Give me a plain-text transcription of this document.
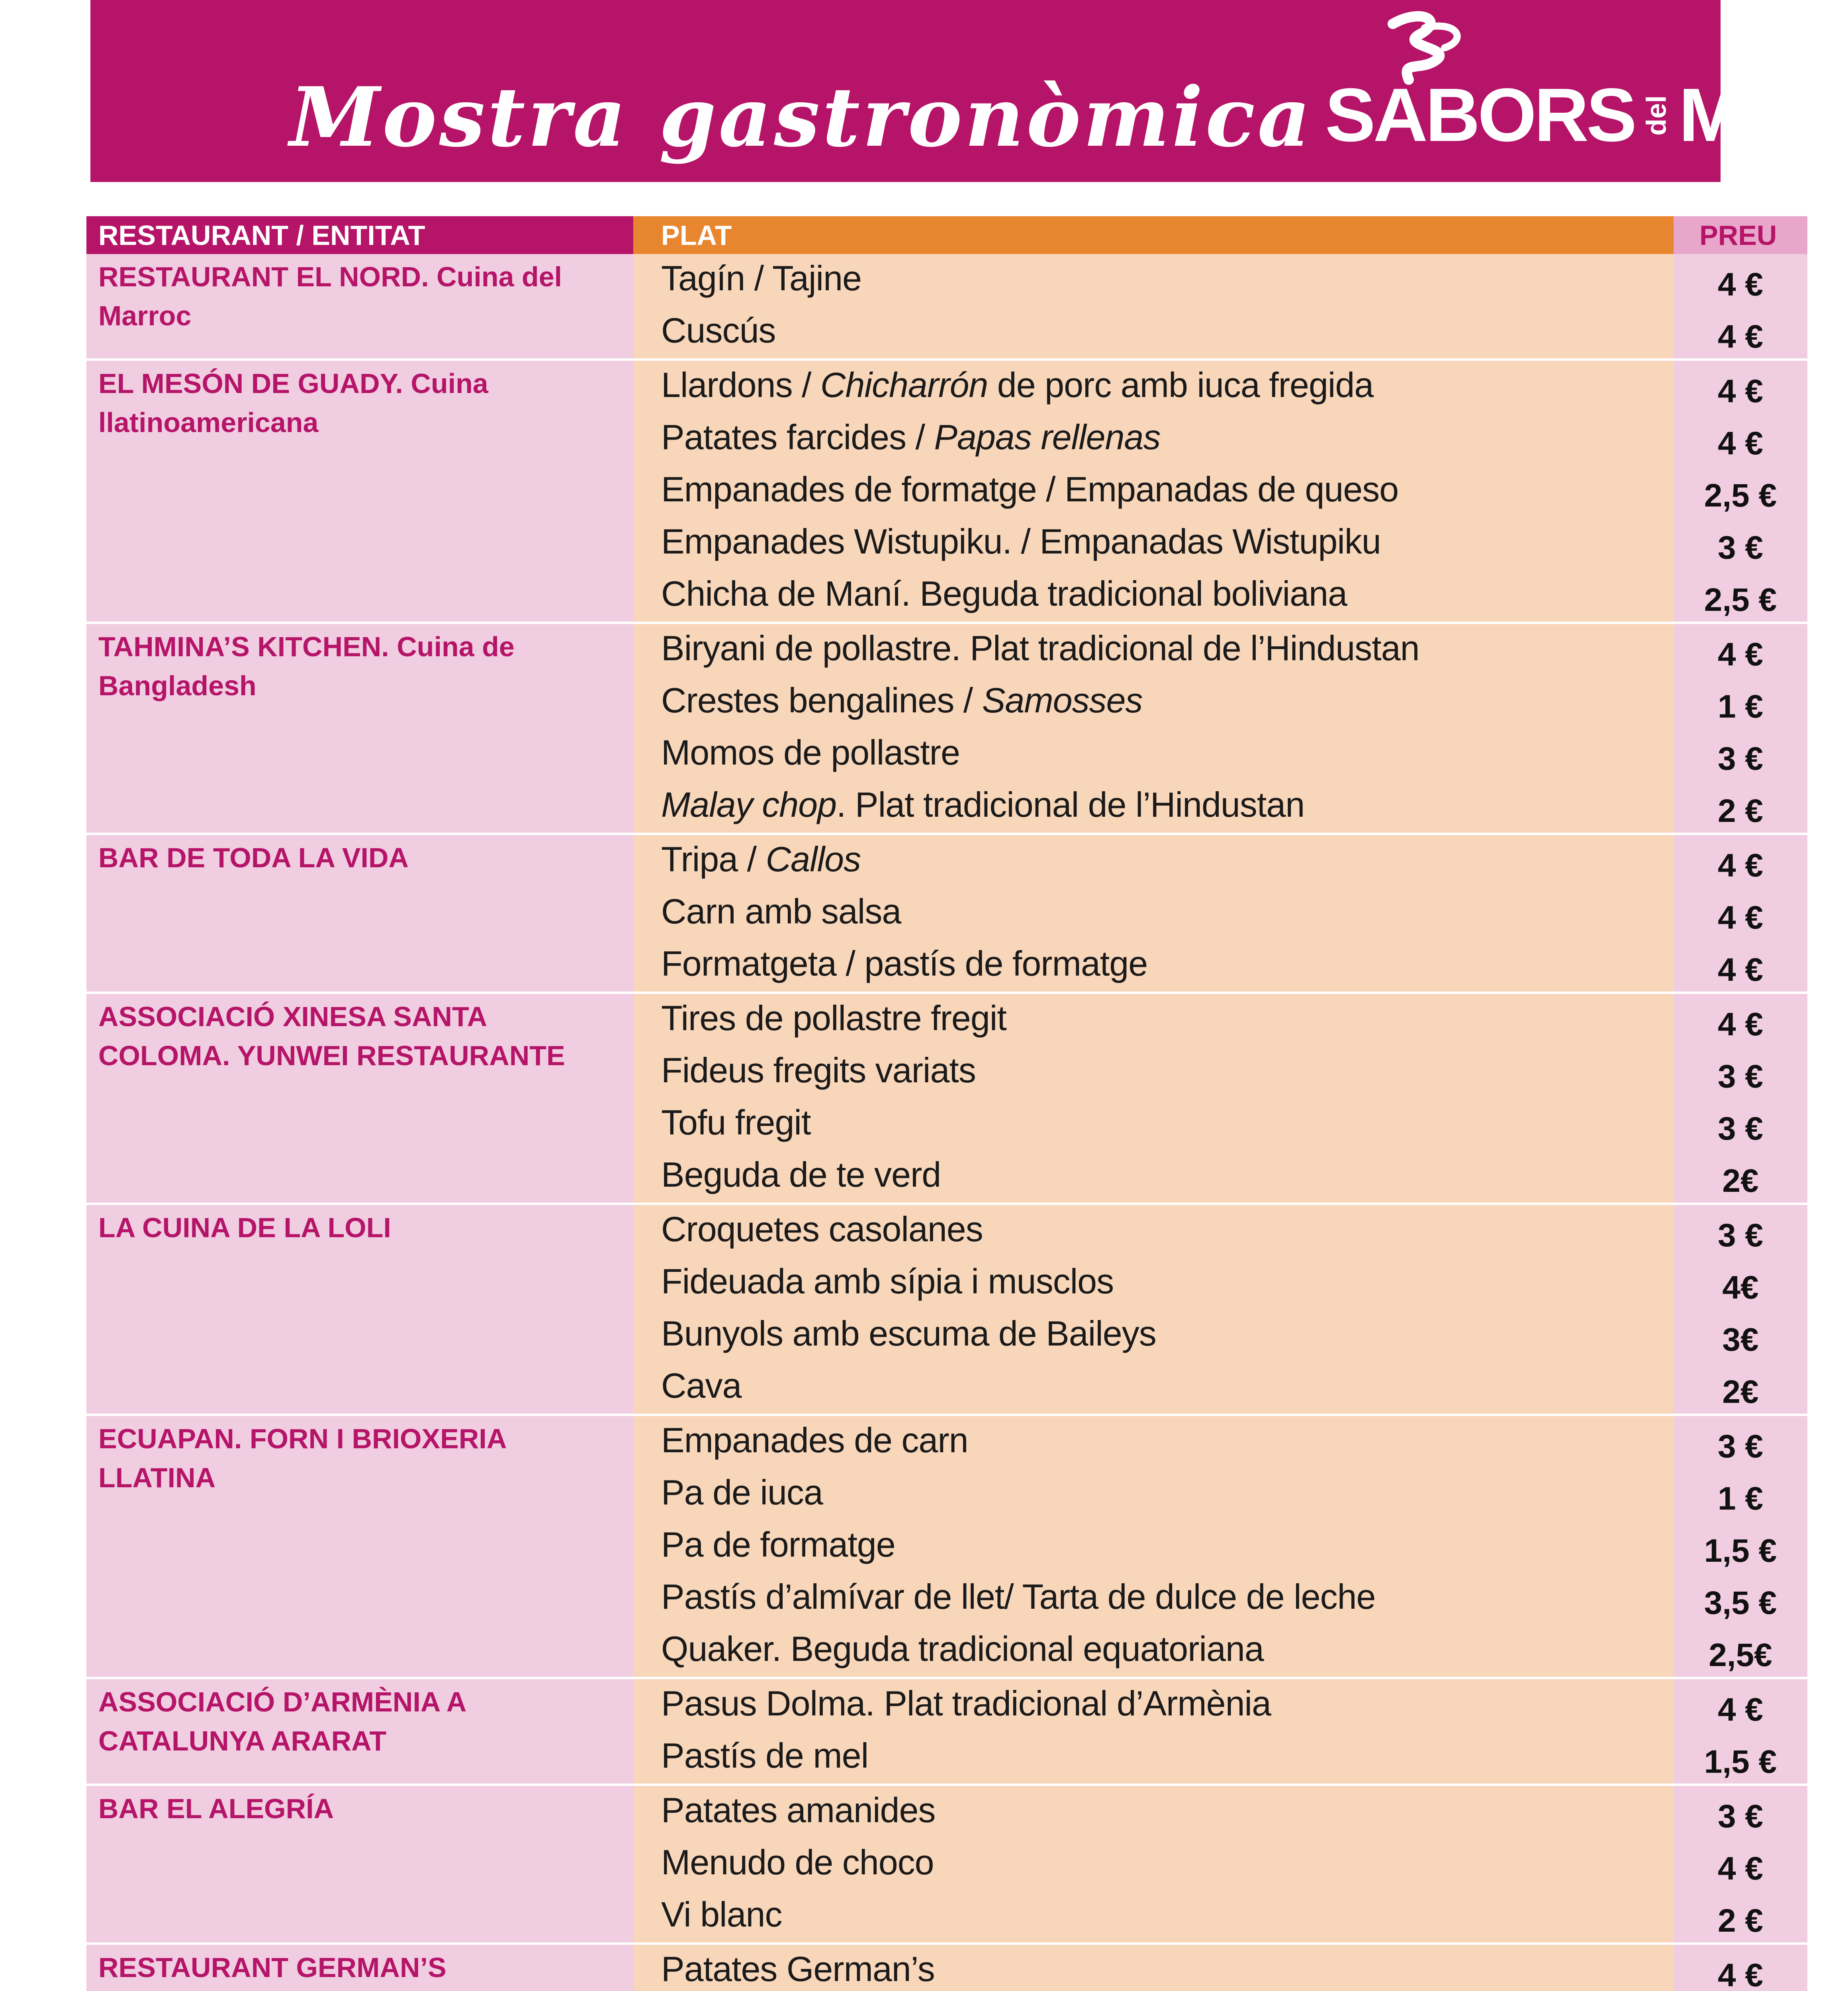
Mostra gastronòmica SABORS delMÓN
RESTAURANT / ENTITAT	PLAT	PREU
RESTAURANT EL NORD. Cuina del Marroc
Tagín / Tajine	4 €
Cuscús	4 €
EL MESÓN DE GUADY. Cuina llatinoamericana
Llardons / Chicharrón de porc amb iuca fregida	4 €
Patates farcides / Papas rellenas	4 €
Empanades de formatge / Empanadas de queso	2,5 €
Empanades Wistupiku. / Empanadas Wistupiku	3 €
Chicha de Maní. Beguda tradicional boliviana	2,5 €
TAHMINA’S KITCHEN. Cuina de Bangladesh
Biryani de pollastre. Plat tradicional de l’Hindustan	4 €
Crestes bengalines / Samosses	1 €
Momos de pollastre	3 €
Malay chop. Plat tradicional de l’Hindustan	2 €
BAR DE TODA LA VIDA	Tripa / Callos	4 €
Carn amb salsa	4 €
Formatgeta / pastís de formatge	4 €
ASSOCIACIÓ XINESA SANTA COLOMA. YUNWEI RESTAURANTE
Tires de pollastre fregit	4 €
Fideus fregits variats	3 €
Tofu fregit	3 €
Beguda de te verd	2€
LA CUINA DE LA LOLI	Croquetes casolanes	3 €
Fideuada amb sípia i musclos	4€
Bunyols amb escuma de Baileys	3€
Cava	2€
ECUAPAN. FORN I BRIOXERIA LLATINA
Empanades de carn	3 €
Pa de iuca	1 €
Pa de formatge	1,5 €
Pastís d’almívar de llet/ Tarta de dulce de leche	3,5 €
Quaker. Beguda tradicional equatoriana	2,5€
ASSOCIACIÓ D’ARMÈNIA A CATALUNYA ARARAT
Pasus Dolma. Plat tradicional d’Armènia	4 €
Pastís de mel	1,5 €
BAR EL ALEGRÍA	Patates amanides	3 €
Menudo de choco	4 €
Vi blanc	2 €
RESTAURANT GERMAN’S	Patates German’s	4 €
